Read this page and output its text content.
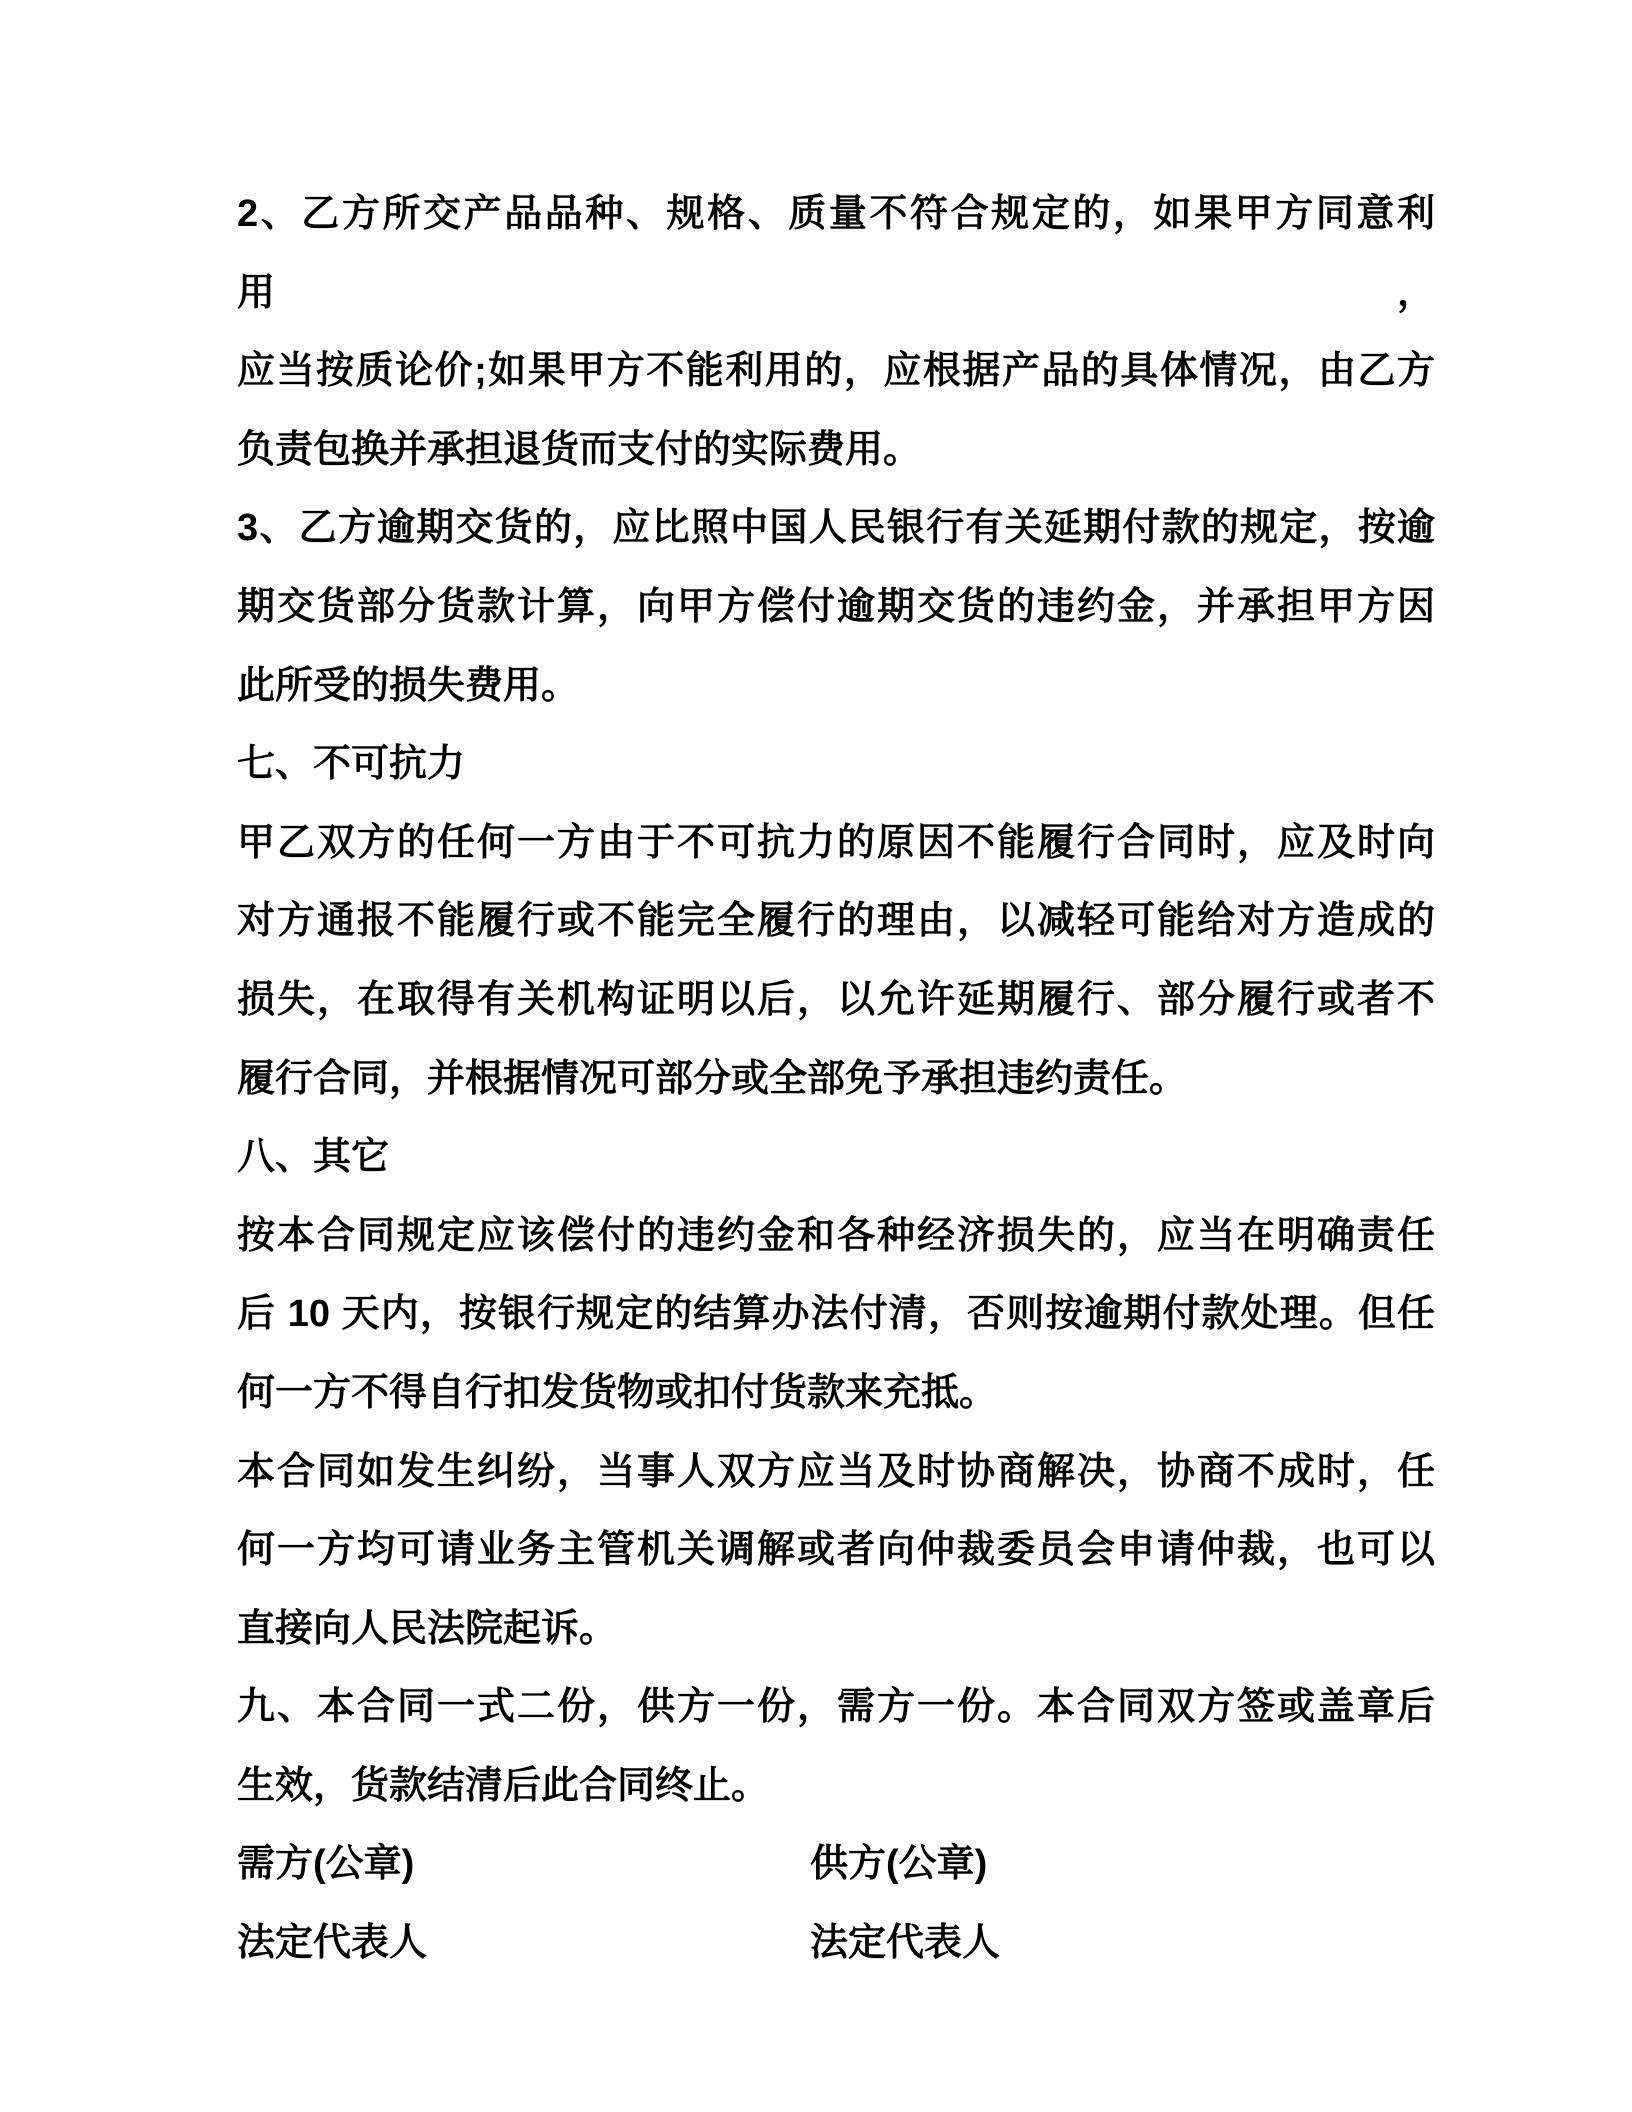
2、乙方所交产品品种、规格、质量不符合规定的，如果甲方同意利用，
应当按质论价;如果甲方不能利用的，应根据产品的具体情况，由乙方
负责包换并承担退货而支付的实际费用。
3、乙方逾期交货的，应比照中国人民银行有关延期付款的规定，按逾
期交货部分货款计算，向甲方偿付逾期交货的违约金，并承担甲方因
此所受的损失费用。
七、不可抗力
甲乙双方的任何一方由于不可抗力的原因不能履行合同时，应及时向
对方通报不能履行或不能完全履行的理由，以减轻可能给对方造成的
损失，在取得有关机构证明以后，以允许延期履行、部分履行或者不
履行合同，并根据情况可部分或全部免予承担违约责任。
八、其它
按本合同规定应该偿付的违约金和各种经济损失的，应当在明确责任
后 10 天内，按银行规定的结算办法付清，否则按逾期付款处理。但任
何一方不得自行扣发货物或扣付货款来充抵。
本合同如发生纠纷，当事人双方应当及时协商解决，协商不成时，任
何一方均可请业务主管机关调解或者向仲裁委员会申请仲裁，也可以
直接向人民法院起诉。
九、本合同一式二份，供方一份，需方一份。本合同双方签或盖章后
生效，货款结清后此合同终止。
需方(公章)	供方(公章)
法定代表人	法定代表人
